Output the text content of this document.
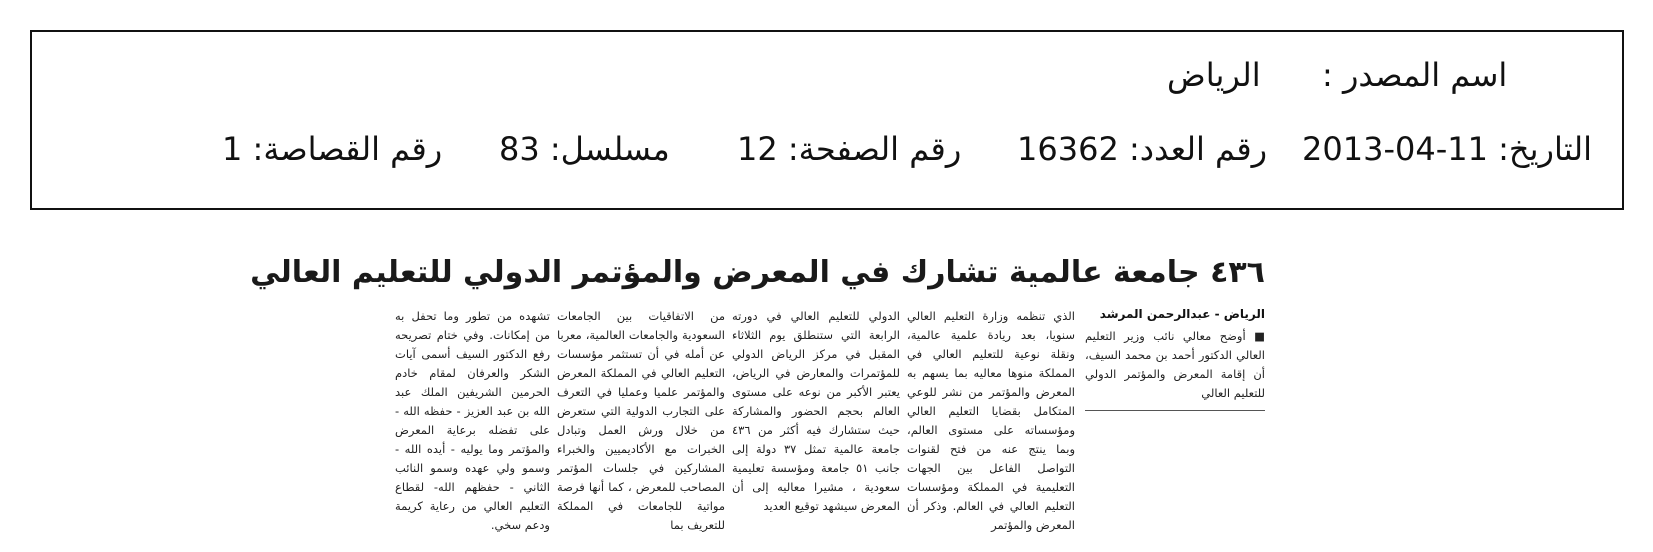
اسم المصدر :
الرياض
التاريخ: 11-04-2013
رقم العدد: 16362
رقم الصفحة: 12
مسلسل: 83
رقم القصاصة: 1
٤٣٦ جامعة عالمية تشارك في المعرض والمؤتمر الدولي للتعليم العالي
الرياض - عبدالرحمن المرشد
■ أوضح معالي نائب وزير التعليم العالي الدكتور أحمد بن محمد السيف، أن إقامة المعرض والمؤتمر الدولي للتعليم العالي
الذي تنظمه وزارة التعليم العالي سنويا، بعد ريادة علمية عالمية، ونقلة نوعية للتعليم العالي في المملكة منوها معاليه بما يسهم به المعرض والمؤتمر من نشر للوعي المتكامل بقضايا التعليم العالي ومؤسساته على مستوى العالم، وبما ينتج عنه من فتح لقنوات التواصل الفاعل بين الجهات التعليمية في المملكة ومؤسسات التعليم العالي في العالم. وذكر أن المعرض والمؤتمر
الدولي للتعليم العالي في دورته الرابعة التي ستنطلق يوم الثلاثاء المقبل في مركز الرياض الدولي للمؤتمرات والمعارض في الرياض، يعتبر الأكبر من نوعه على مستوى العالم بحجم الحضور والمشاركة حيث ستشارك فيه أكثر من ٤٣٦ جامعة عالمية تمثل ٣٧ دولة إلى جانب ٥١ جامعة ومؤسسة تعليمية سعودية ، مشيرا معاليه إلى أن المعرض سيشهد توقيع العديد
من الاتفاقيات بين الجامعات السعودية والجامعات العالمية، معربا عن أمله في أن تستثمر مؤسسات التعليم العالي في المملكة المعرض والمؤتمر علميا وعمليا في التعرف على التجارب الدولية التي ستعرض من خلال ورش العمل وتبادل الخبرات مع الأكاديميين والخبراء المشاركين في جلسات المؤتمر المصاحب للمعرض ، كما أنها فرصة مواتية للجامعات في المملكة للتعريف بما
تشهده من تطور وما تحفل به من إمكانات. وفي ختام تصريحه رفع الدكتور السيف أسمى آيات الشكر والعرفان لمقام خادم الحرمين الشريفين الملك عبد الله بن عبد العزيز - حفظه الله - على تفضله برعاية المعرض والمؤتمر وما يوليه - أيده الله - وسمو ولي عهده وسمو النائب الثاني - حفظهم الله- لقطاع التعليم العالي من رعاية كريمة ودعم سخي.
